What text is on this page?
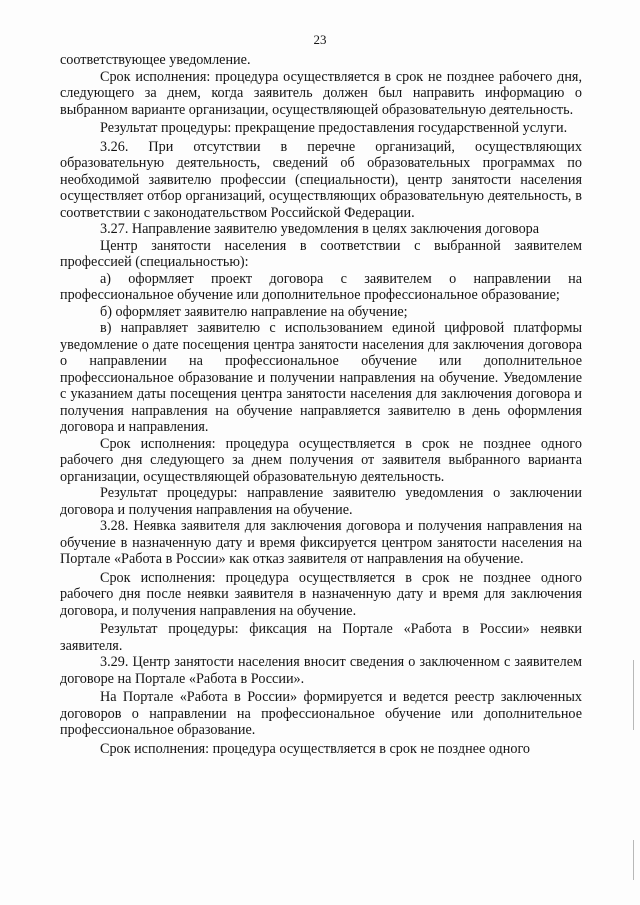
23

соответствующее уведомление.

Срок исполнения: процедура осуществляется в срок не позднее рабочего дня, следующего за днем, когда заявитель должен был направить информацию о выбранном варианте организации, осуществляющей образовательную деятельность.

Результат процедуры: прекращение предоставления государственной услуги.

3.26. При отсутствии в перечне организаций, осуществляющих образовательную деятельность, сведений об образовательных программах по необходимой заявителю профессии (специальности), центр занятости населения осуществляет отбор организаций, осуществляющих образовательную деятельность, в соответствии с законодательством Российской Федерации.

3.27. Направление заявителю уведомления в целях заключения договора

Центр занятости населения в соответствии с выбранной заявителем профессией (специальностью):

а) оформляет проект договора с заявителем о направлении на профессиональное обучение или дополнительное профессиональное образование;

б) оформляет заявителю направление на обучение;

в) направляет заявителю с использованием единой цифровой платформы уведомление о дате посещения центра занятости населения для заключения договора о направлении на профессиональное обучение или дополнительное профессиональное образование и получении направления на обучение. Уведомление с указанием даты посещения центра занятости населения для заключения договора и получения направления на обучение направляется заявителю в день оформления договора и направления.

Срок исполнения: процедура осуществляется в срок не позднее одного рабочего дня следующего за днем получения от заявителя выбранного варианта организации, осуществляющей образовательную деятельность.

Результат процедуры: направление заявителю уведомления о заключении договора и получения направления на обучение.

3.28. Неявка заявителя для заключения договора и получения направления на обучение в назначенную дату и время фиксируется центром занятости населения на Портале «Работа в России» как отказ заявителя от направления на обучение.

Срок исполнения: процедура осуществляется в срок не позднее одного рабочего дня после неявки заявителя в назначенную дату и время для заключения договора, и получения направления на обучение.

Результат процедуры: фиксация на Портале «Работа в России» неявки заявителя.

3.29. Центр занятости населения вносит сведения о заключенном с заявителем договоре на Портале «Работа в России».

На Портале «Работа в России» формируется и ведется реестр заключенных договоров о направлении на профессиональное обучение или дополнительное профессиональное образование.

Срок исполнения: процедура осуществляется в срок не позднее одного
